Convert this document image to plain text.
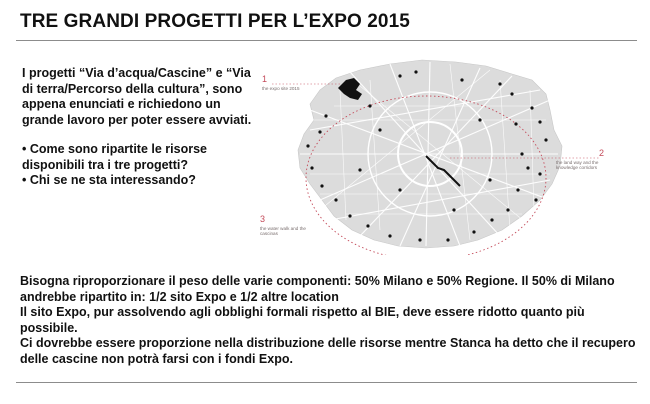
TRE GRANDI PROGETTI PER L’EXPO 2015

I progetti “Via d’acqua/Cascine” e “Via di terra/Percorso della cultura”, sono appena enunciati e richiedono un grande lavoro per poter essere avviati.

• Come sono ripartite le risorse disponibili tra i tre progetti?
• Chi se ne sta interessando?
1
the expo site 2015
2
the land way and the knowledge corridors
3
the water walk and the cascinas

Bisogna riproporzionare il peso delle varie componenti: 50% Milano e 50% Regione. Il 50% di Milano andrebbe ripartito in: 1/2 sito Expo e 1/2 altre location

Il sito Expo, pur assolvendo agli obblighi formali rispetto al BIE, deve essere ridotto quanto più possibile.

Ci dovrebbe essere proporzione nella distribuzione delle risorse mentre Stanca ha detto che il recupero delle cascine non potrà farsi con i fondi Expo.
